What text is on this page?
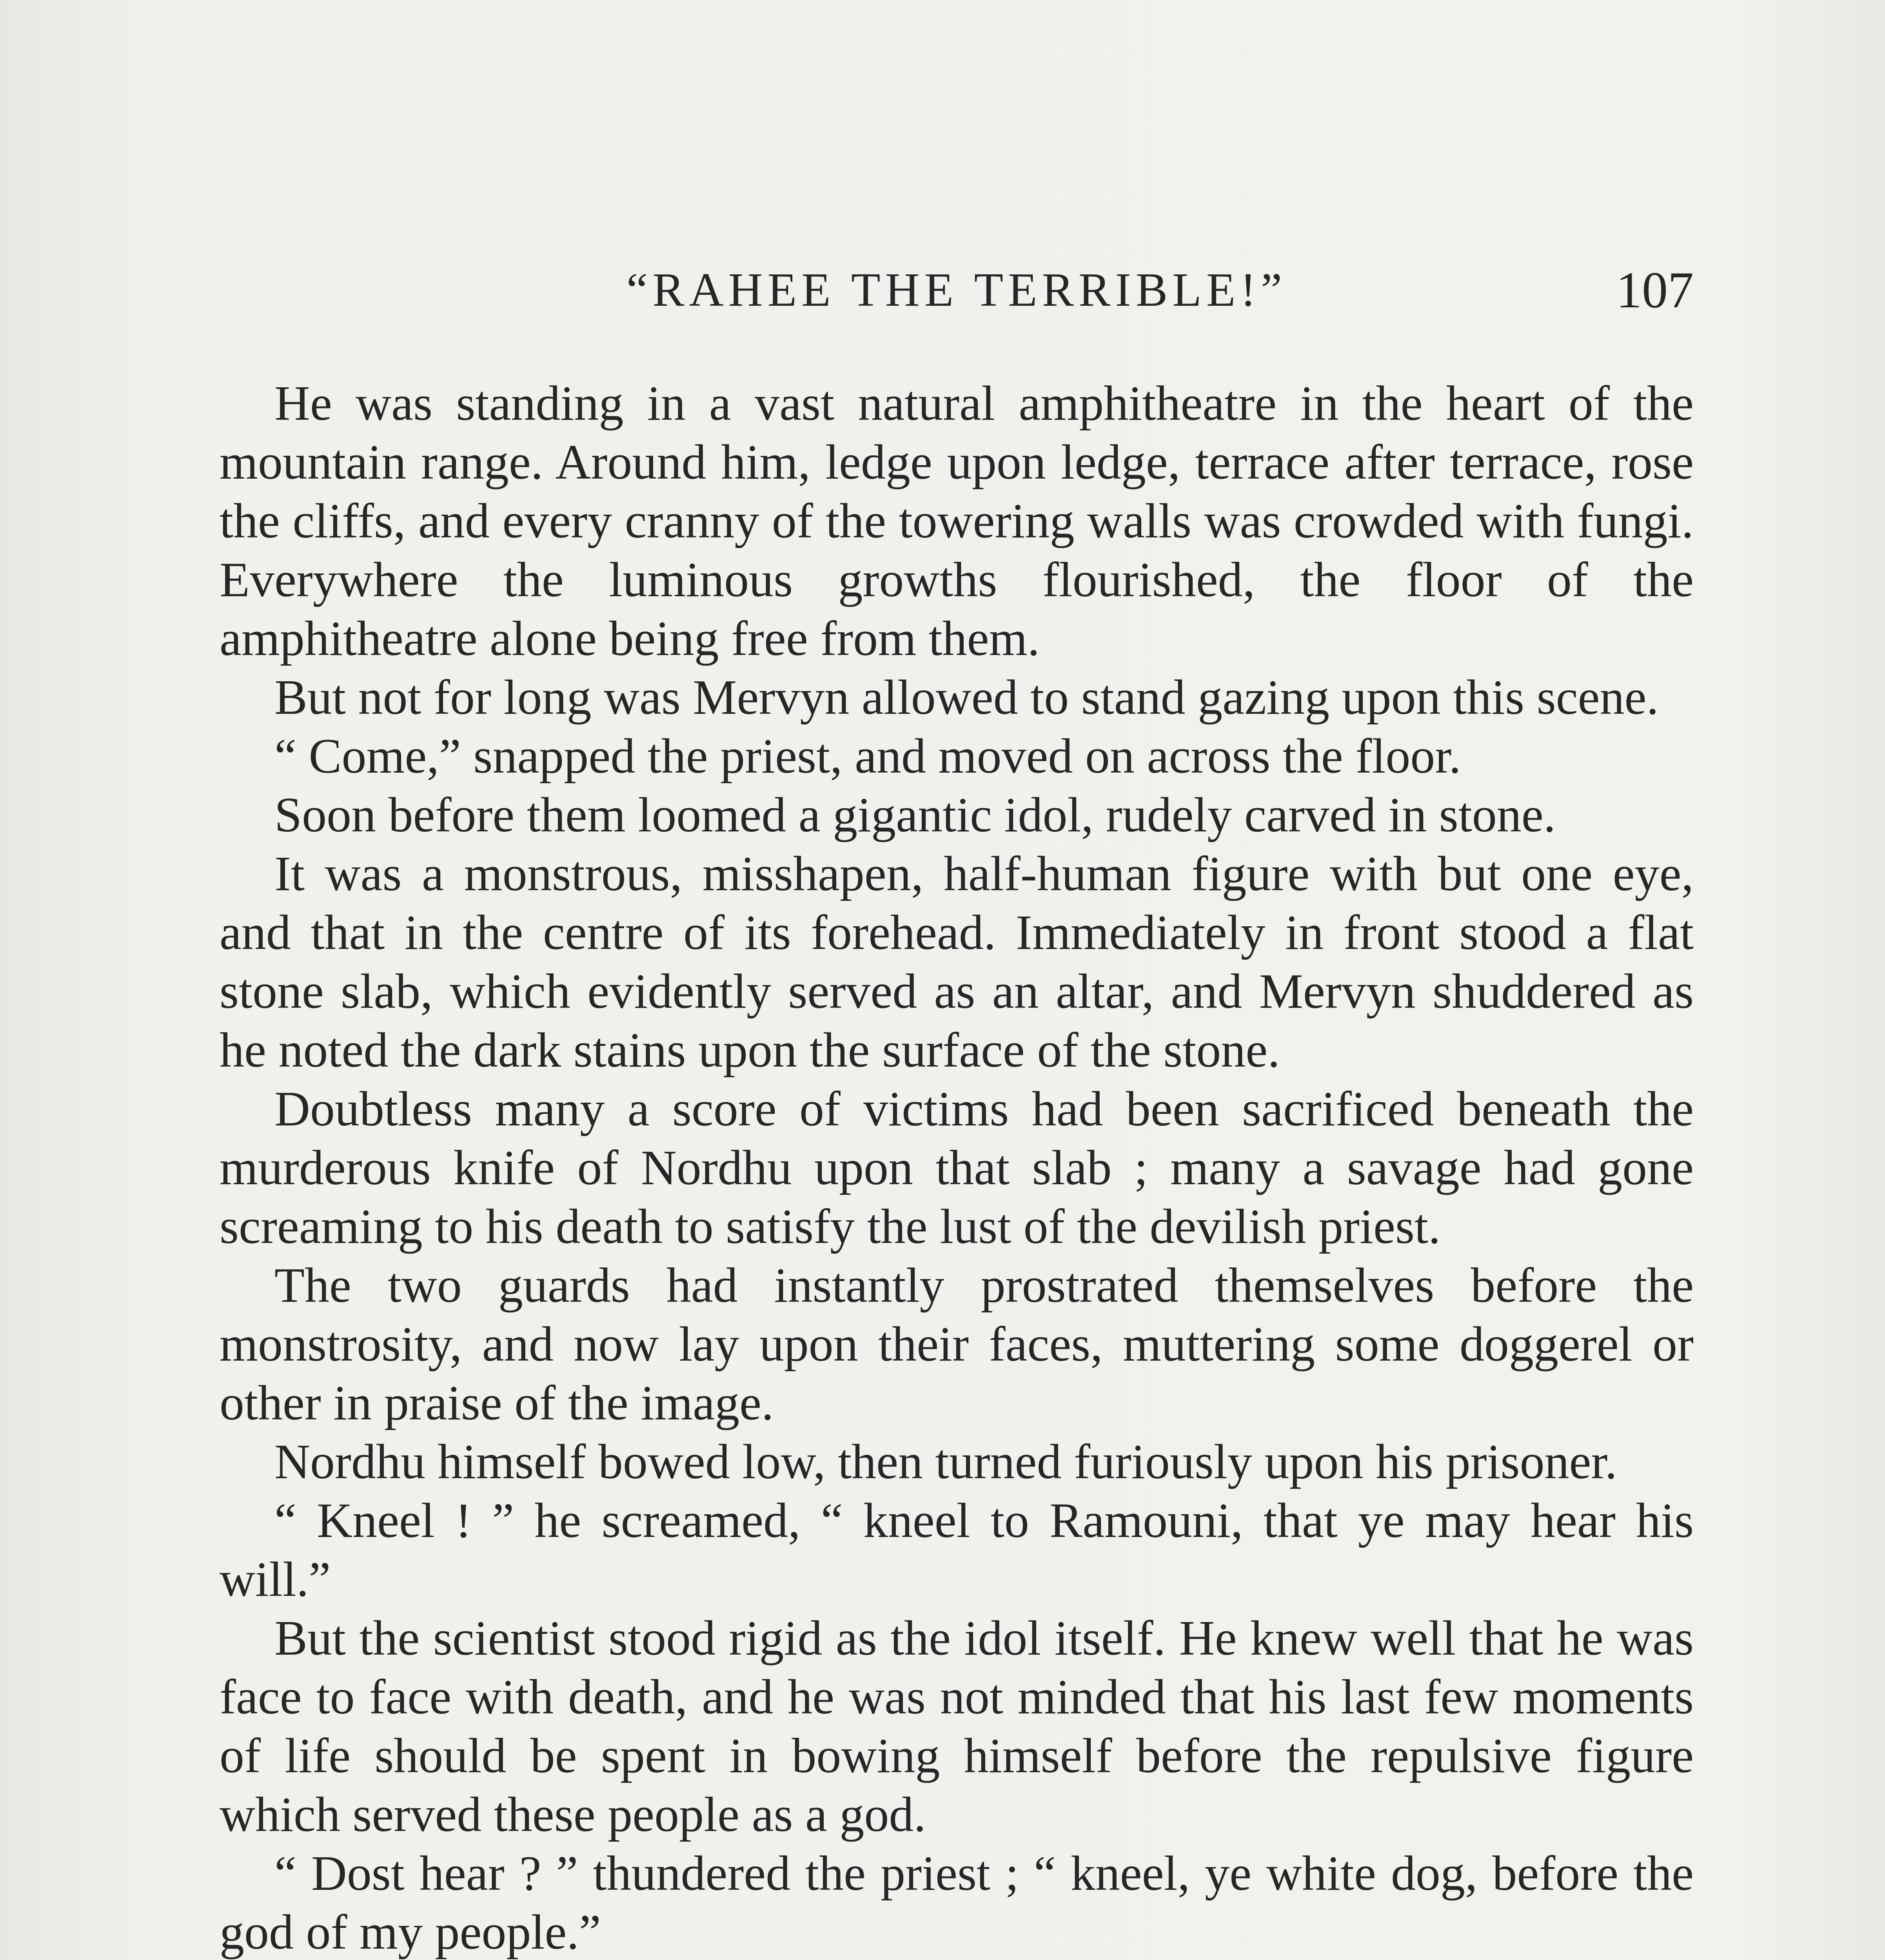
“RAHEE THE TERRIBLE!”	107

He was standing in a vast natural amphitheatre in the heart of the mountain range. Around him, ledge upon ledge, terrace after terrace, rose the cliffs, and every cranny of the towering walls was crowded with fungi. Everywhere the luminous growths flourished, the floor of the amphitheatre alone being free from them.

But not for long was Mervyn allowed to stand gazing upon this scene.

“ Come,” snapped the priest, and moved on across the floor.

Soon before them loomed a gigantic idol, rudely carved in stone.

It was a monstrous, misshapen, half-human figure with but one eye, and that in the centre of its forehead. Immediately in front stood a flat stone slab, which evidently served as an altar, and Mervyn shuddered as he noted the dark stains upon the surface of the stone.

Doubtless many a score of victims had been sacrificed beneath the murderous knife of Nordhu upon that slab ; many a savage had gone screaming to his death to satisfy the lust of the devilish priest.

The two guards had instantly prostrated themselves before the monstrosity, and now lay upon their faces, muttering some doggerel or other in praise of the image.

Nordhu himself bowed low, then turned furiously upon his prisoner.

“ Kneel ! ” he screamed, “ kneel to Ramouni, that ye may hear his will.”

But the scientist stood rigid as the idol itself. He knew well that he was face to face with death, and he was not minded that his last few moments of life should be spent in bowing himself before the repulsive figure which served these people as a god.

“ Dost hear ? ” thundered the priest ; “ kneel, ye white dog, before the god of my people.”
